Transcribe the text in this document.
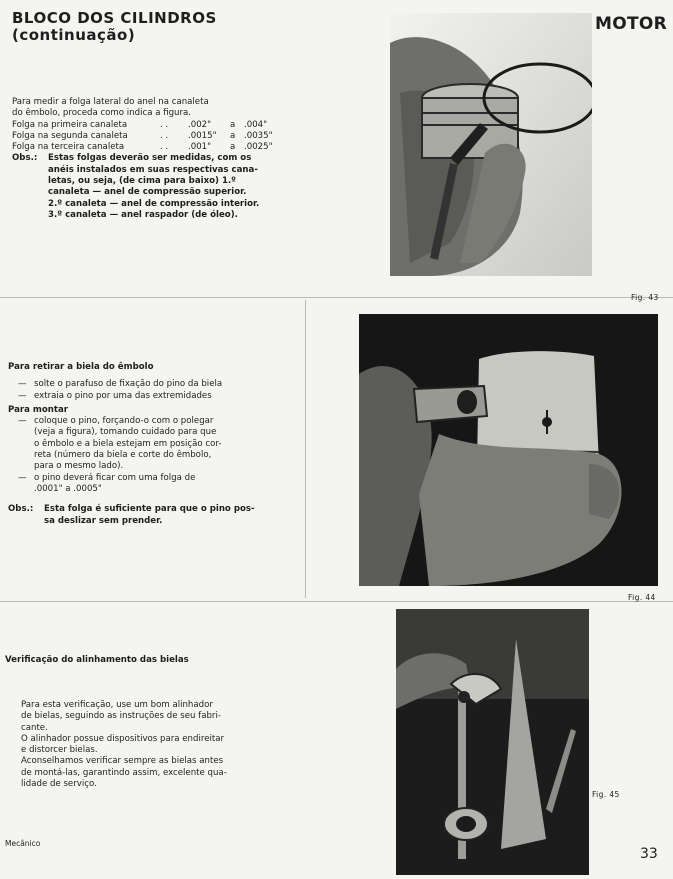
BLOCO DOS CILINDROS
(continuação)
MOTOR
Para medir a folga lateral do anel na canaleta
do êmbolo, proceda como indica a figura.
Folga na primeira canaleta	. . .002" a .004"
Folga na segunda canaleta	. . .0015" a .0035"
Folga na terceira canaleta	. . .001" a .0025"
Obs.: Estas folgas deverão ser medidas, com os
anéis instalados em suas respectivas cana-
letas, ou seja, (de cima para baixo) 1.º
canaleta — anel de compressão superior.
2.º canaleta — anel de compressão interior.
3.º canaleta — anel raspador (de óleo).
Fig. 43
Para retirar a biela do êmbolo
— solte o parafuso de fixação do pino da biela
— extraia o pino por uma das extremidades
Para montar
— coloque o pino, forçando-o com o polegar
(veja a figura), tomando cuidado para que
o êmbolo e a biela estejam em posição cor-
reta (número da biela e corte do êmbolo,
para o mesmo lado).
— o pino deverá ficar com uma folga de
.0001" a .0005"
Obs.: Esta folga é suficiente para que o pino pos-
sa deslizar sem prender.
Fig. 44
Verificação do alinhamento das bielas
Para esta verificação, use um bom alinhador
de bielas, seguindo as instruções de seu fabri-
cante.
O alinhador possue dispositivos para endireitar
e distorcer bielas.
Aconselhamos verificar sempre as bielas antes
de montá-las, garantindo assim, excelente qua-
lidade de serviço.
Fig. 45
Mecânico
33
